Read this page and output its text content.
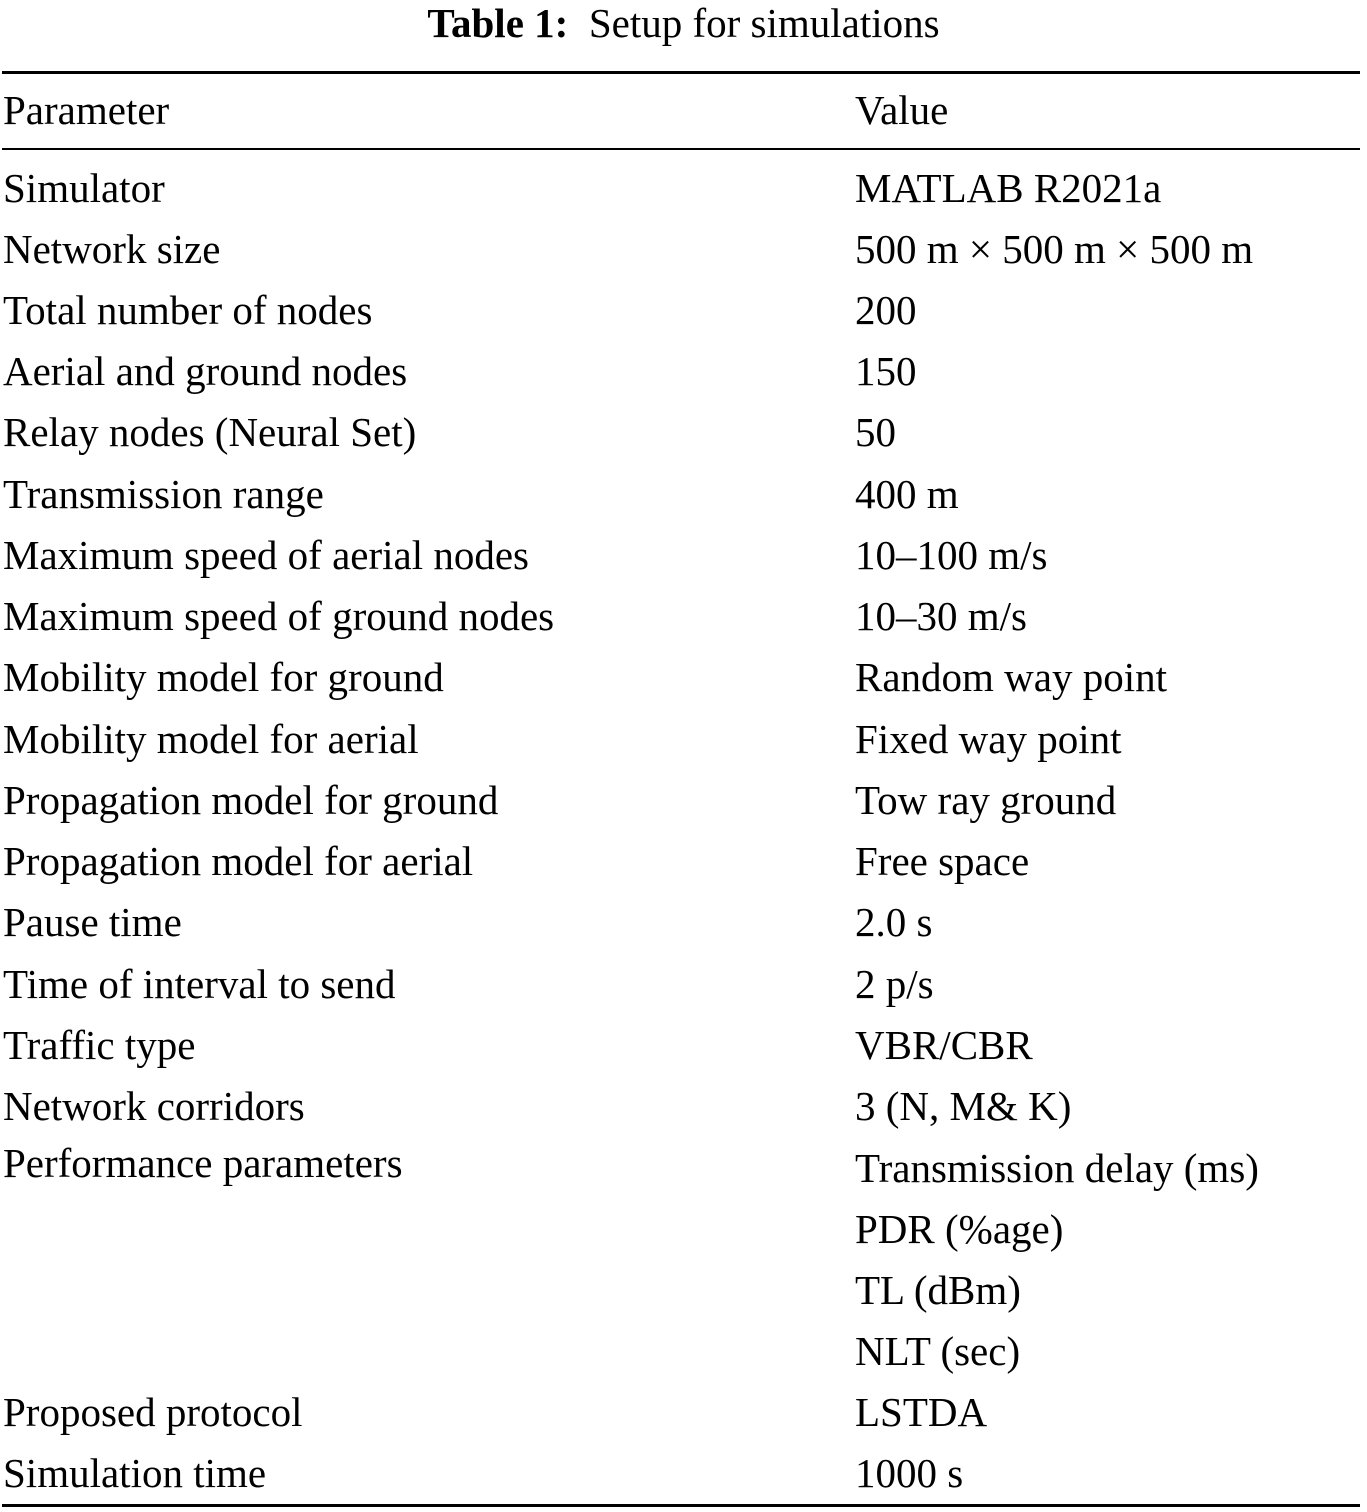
Table 1: Setup for simulations
Parameter	Value
Simulator	MATLAB R2021a
Network size	500 m × 500 m × 500 m
Total number of nodes	200
Aerial and ground nodes	150
Relay nodes (Neural Set)	50
Transmission range	400 m
Maximum speed of aerial nodes	10–100 m/s
Maximum speed of ground nodes	10–30 m/s
Mobility model for ground	Random way point
Mobility model for aerial	Fixed way point
Propagation model for ground	Tow ray ground
Propagation model for aerial	Free space
Pause time	2.0 s
Time of interval to send	2 p/s
Traffic type	VBR/CBR
Network corridors	3 (N, M& K)
Performance parameters	Transmission delay (ms)
PDR (%age)
TL (dBm)
NLT (sec)
Proposed protocol	LSTDA
Simulation time	1000 s
